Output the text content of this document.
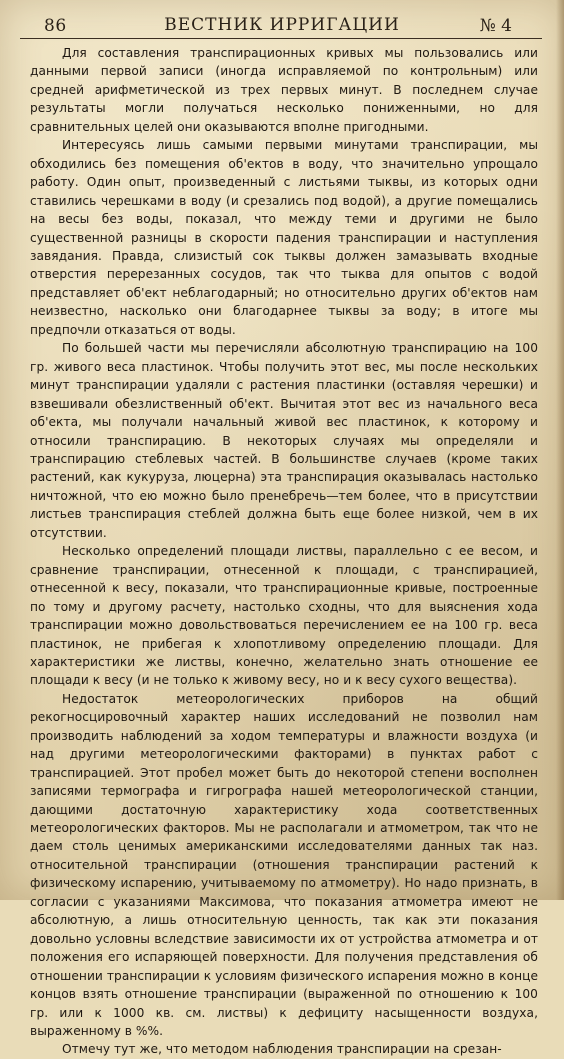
86	ВЕСТНИК ИРРИГАЦИИ	№ 4

Для составления транспирационных кривых мы пользовались или данными первой записи (иногда исправляемой по контрольным) или средней арифметической из трех первых минут. В последнем случае результаты могли получаться несколько пониженными, но для сравнительных целей они оказываются вполне пригодными.

Интересуясь лишь самыми первыми минутами транспирации, мы обходились без помещения об'ектов в воду, что значительно упрощало работу. Один опыт, произведенный с листьями тыквы, из которых одни ставились черешками в воду (и срезались под водой), а другие помещались на весы без воды, показал, что между теми и другими не было существенной разницы в скорости падения транспирации и наступления завядания. Правда, слизистый сок тыквы должен замазывать входные отверстия перерезанных сосудов, так что тыква для опытов с водой представляет об'ект неблагодарный; но относительно других об'ектов нам неизвестно, насколько они благодарнее тыквы за воду; в итоге мы предпочли отказаться от воды.

По большей части мы перечисляли абсолютную транспирацию на 100 гр. живого веса пластинок. Чтобы получить этот вес, мы после нескольких минут транспирации удаляли с растения пластинки (оставляя черешки) и взвешивали обезлиственный об'ект. Вычитая этот вес из начального веса об'екта, мы получали начальный живой вес пластинок, к которому и относили транспирацию. В некоторых случаях мы определяли и транспирацию стеблевых частей. В большинстве случаев (кроме таких растений, как кукуруза, люцерна) эта транспирация оказывалась настолько ничтожной, что ею можно было пренебречь—тем более, что в присутствии листьев транспирация стеблей должна быть еще более низкой, чем в их отсутствии.

Несколько определений площади листвы, параллельно с ее весом, и сравнение транспирации, отнесенной к площади, с транспирацией, отнесенной к весу, показали, что транспирационные кривые, построенные по тому и другому расчету, настолько сходны, что для выяснения хода транспирации можно довольствоваться перечислением ее на 100 гр. веса пластинок, не прибегая к хлопотливому определению площади. Для характеристики же листвы, конечно, желательно знать отношение ее площади к весу (и не только к живому весу, но и к весу сухого вещества).

Недостаток метеорологических приборов на общий рекогносцировочный характер наших исследований не позволил нам производить наблюдений за ходом температуры и влажности воздуха (и над другими метеорологическими факторами) в пунктах работ с транспирацией. Этот пробел может быть до некоторой степени восполнен записями термографа и гигрографа нашей метеорологической станции, дающими достаточную характеристику хода соответственных метеорологических факторов. Мы не располагали и атмометром, так что не даем столь ценимых американскими исследователями данных так наз. относительной транспирации (отношения транспирации растений к физическому испарению, учитываемому по атмометру). Но надо признать, в согласии с указаниями Максимова, что показания атмометра имеют не абсолютную, а лишь относительную ценность, так как эти показания довольно условны вследствие зависимости их от устройства атмометра и от положения его испаряющей поверхности. Для получения представления об отношении транспирации к условиям физического испарения можно в конце концов взять отношение транспирации (выраженной по отношению к 100 гр. или к 1000 кв. см. листвы) к дефициту насыщенности воздуха, выраженному в %%.

Отмечу тут же, что методом наблюдения транспирации на срезан-
